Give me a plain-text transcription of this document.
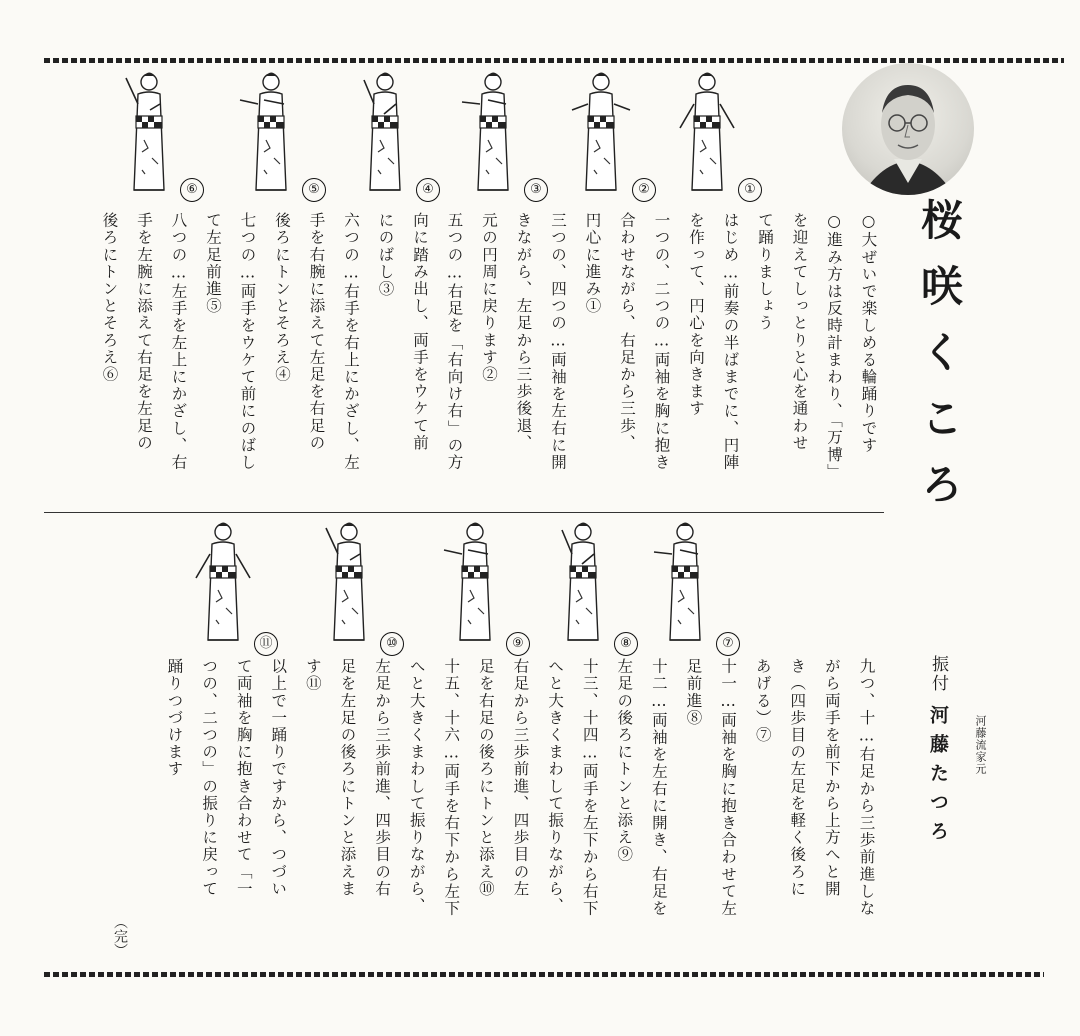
桜咲くころ
河藤流家元
振付河藤たつろ
○大ぜいで楽しめる輪踊りです
○進み方は反時計まわり、「万博」
を迎えてしっとりと心を通わせ
て踊りましょう
はじめ…前奏の半ばまでに、円陣
を作って、円心を向きます
一つの、二つの…両袖を胸に抱き
合わせながら、右足から三歩、
円心に進み①
三つの、四つの…両袖を左右に開
きながら、左足から三歩後退、
元の円周に戻ります②
五つの…右足を「右向け右」の方
向に踏み出し、両手をウケて前
にのばし③
六つの…右手を右上にかざし、左
手を右腕に添えて左足を右足の
後ろにトンとそろえ④
七つの…両手をウケて前にのばし
て左足前進⑤
八つの…左手を左上にかざし、右
手を左腕に添えて右足を左足の
後ろにトンとそろえ⑥
九つ、十…右足から三歩前進しな
がら両手を前下から上方へと開
き（四歩目の左足を軽く後ろに
あげる）⑦
十一…両袖を胸に抱き合わせて左
足前進⑧
十二…両袖を左右に開き、右足を
左足の後ろにトンと添え⑨
十三、十四…両手を左下から右下
へと大きくまわして振りながら、
右足から三歩前進、四歩目の左
足を右足の後ろにトンと添え⑩
十五、十六…両手を右下から左下
へと大きくまわして振りながら、
左足から三歩前進、四歩目の右
足を左足の後ろにトンと添えま
す⑪
以上で一踊りですから、つづい
て両袖を胸に抱き合わせて「一
つの、二つの」の振りに戻って
踊りつづけます
（完）
①
②
③
④
⑤
⑥
⑦
⑧
⑨
⑩
⑪
